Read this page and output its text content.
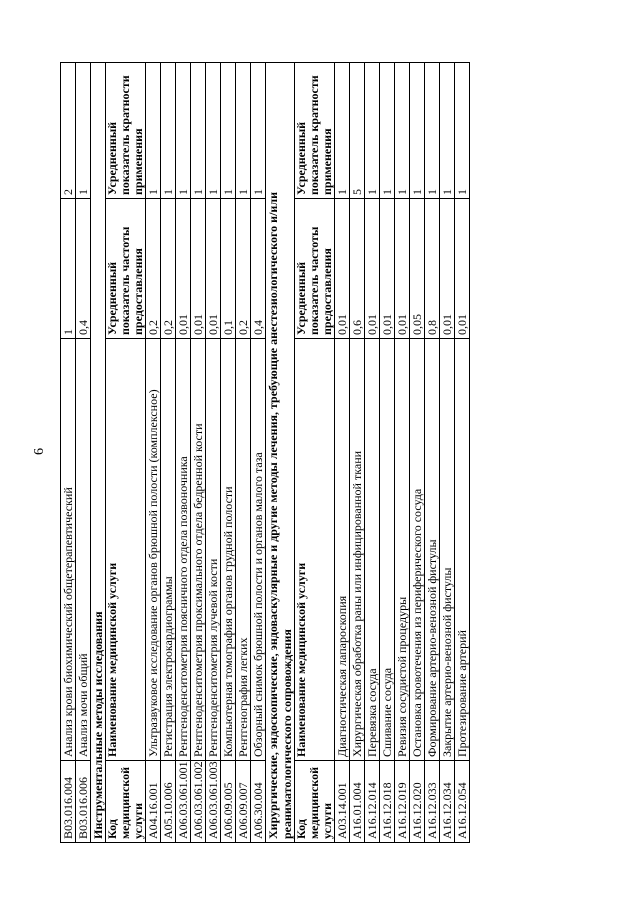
6
B03.016.004	Анализ крови биохимический общетерапевтический	1	2
B03.016.006	Анализ мочи общий	0,4	1
Инструментальные методы исследования			
Код медицинской услуги	Наименование медицинской услуги	Усредненный показатель частоты предоставления	Усредненный показатель кратности применения
A04.16.001	Ультразвуковое исследование органов брюшной полости (комплексное)	0,2	1
A05.10.006	Регистрация электрокардиограммы	0,2	1
A06.03.061.001	Рентгеноденситометрия поясничного отдела позвоночника	0,01	1
A06.03.061.002	Рентгеноденситометрия проксимального отдела бедренной кости	0,01	1
A06.03.061.003	Рентгеноденситометрия лучевой кости	0,01	1
A06.09.005	Компьютерная томография органов грудной полости	0,1	1
A06.09.007	Рентгенография легких	0,2	1
A06.30.004	Обзорный снимок брюшной полости и органов малого таза	0,4	1
Хирургические, эндоскопические, эндоваскулярные и другие методы лечения, требующие анестезиологического и/или реаниматологического сопровождения			
Код медицинской услуги	Наименование медицинской услуги	Усредненный показатель частоты предоставления	Усредненный показатель кратности применения
A03.14.001	Диагностическая лапароскопия	0,01	1
A16.01.004	Хирургическая обработка раны или инфицированной ткани	0,6	5
A16.12.014	Перевязка сосуда	0,01	1
A16.12.018	Сшивание сосуда	0,01	1
A16.12.019	Ревизия сосудистой процедуры	0,01	1
A16.12.020	Остановка кровотечения из периферического сосуда	0,05	1
A16.12.033	Формирование артерио-венозной фистулы	0,8	1
A16.12.034	Закрытие артерио-венозной фистулы	0,01	1
A16.12.054	Протезирование артерий	0,01	1
